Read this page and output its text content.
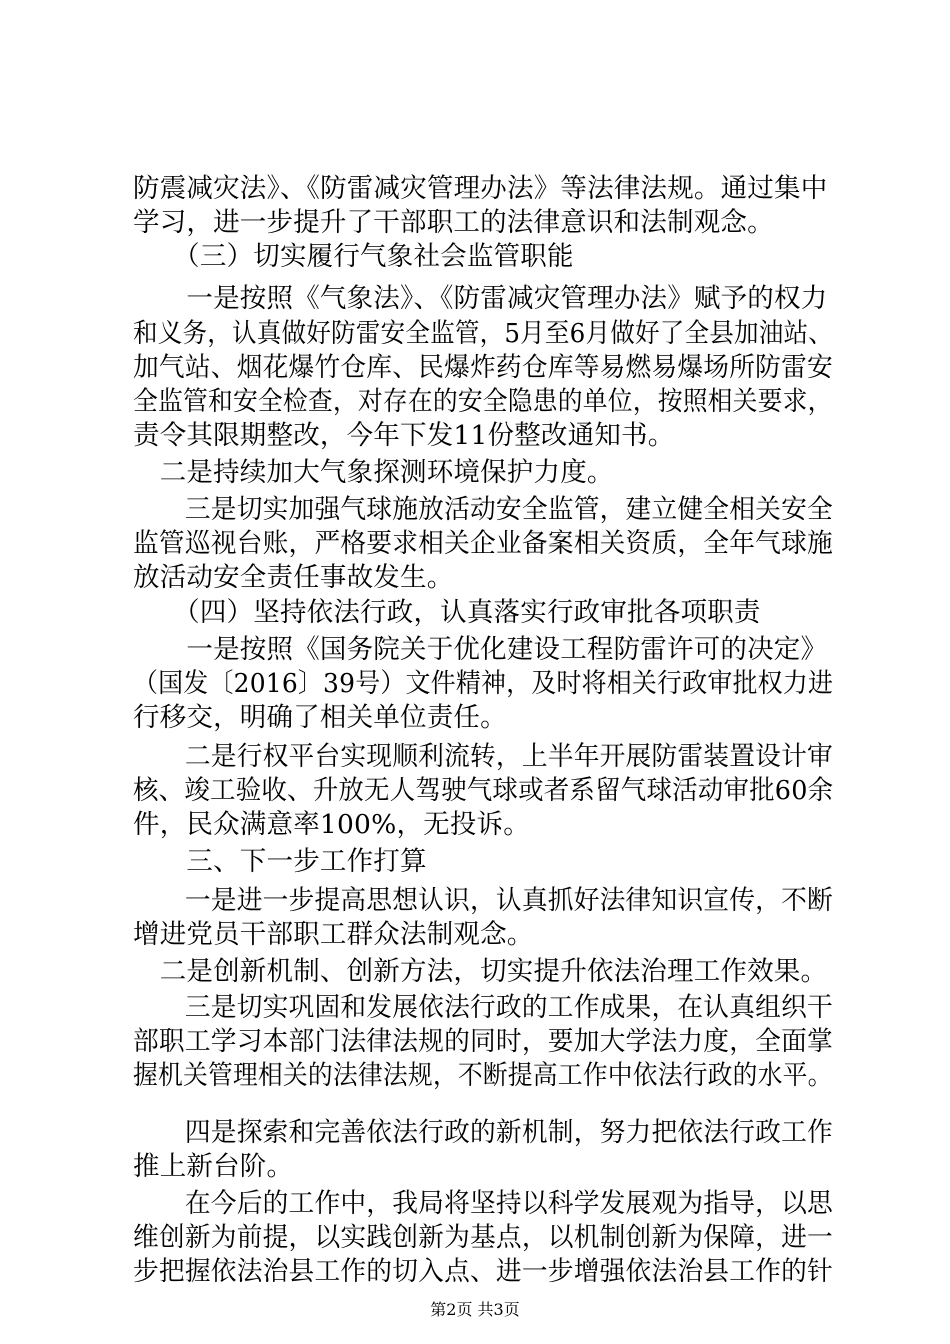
防震减灾法》、《防雷减灾管理办法》等法律法规。通过集中
学习，进一步提升了干部职工的法律意识和法制观念。
　　（三）切实履行气象社会监管职能
　　一是按照《气象法》、《防雷减灾管理办法》赋予的权力
和义务，认真做好防雷安全监管，5月至6月做好了全县加油站、
加气站、烟花爆竹仓库、民爆炸药仓库等易燃易爆场所防雷安
全监管和安全检查，对存在的安全隐患的单位，按照相关要求，
责令其限期整改，今年下发11份整改通知书。
　二是持续加大气象探测环境保护力度。
　　三是切实加强气球施放活动安全监管，建立健全相关安全
监管巡视台账，严格要求相关企业备案相关资质，全年气球施
放活动安全责任事故发生。
　　（四）坚持依法行政，认真落实行政审批各项职责
　　一是按照《国务院关于优化建设工程防雷许可的决定》
（国发〔2016〕39号）文件精神，及时将相关行政审批权力进
行移交，明确了相关单位责任。
　　二是行权平台实现顺利流转，上半年开展防雷装置设计审
核、竣工验收、升放无人驾驶气球或者系留气球活动审批60余
件，民众满意率100%，无投诉。
　　三、下一步工作打算
　　一是进一步提高思想认识，认真抓好法律知识宣传，不断
增进党员干部职工群众法制观念。
　二是创新机制、创新方法，切实提升依法治理工作效果。
　　三是切实巩固和发展依法行政的工作成果，在认真组织干
部职工学习本部门法律法规的同时，要加大学法力度，全面掌
握机关管理相关的法律法规，不断提高工作中依法行政的水平。
　　四是探索和完善依法行政的新机制，努力把依法行政工作
推上新台阶。
　　在今后的工作中，我局将坚持以科学发展观为指导，以思
维创新为前提，以实践创新为基点，以机制创新为保障，进一
步把握依法治县工作的切入点、进一步增强依法治县工作的针
第2页 共3页
